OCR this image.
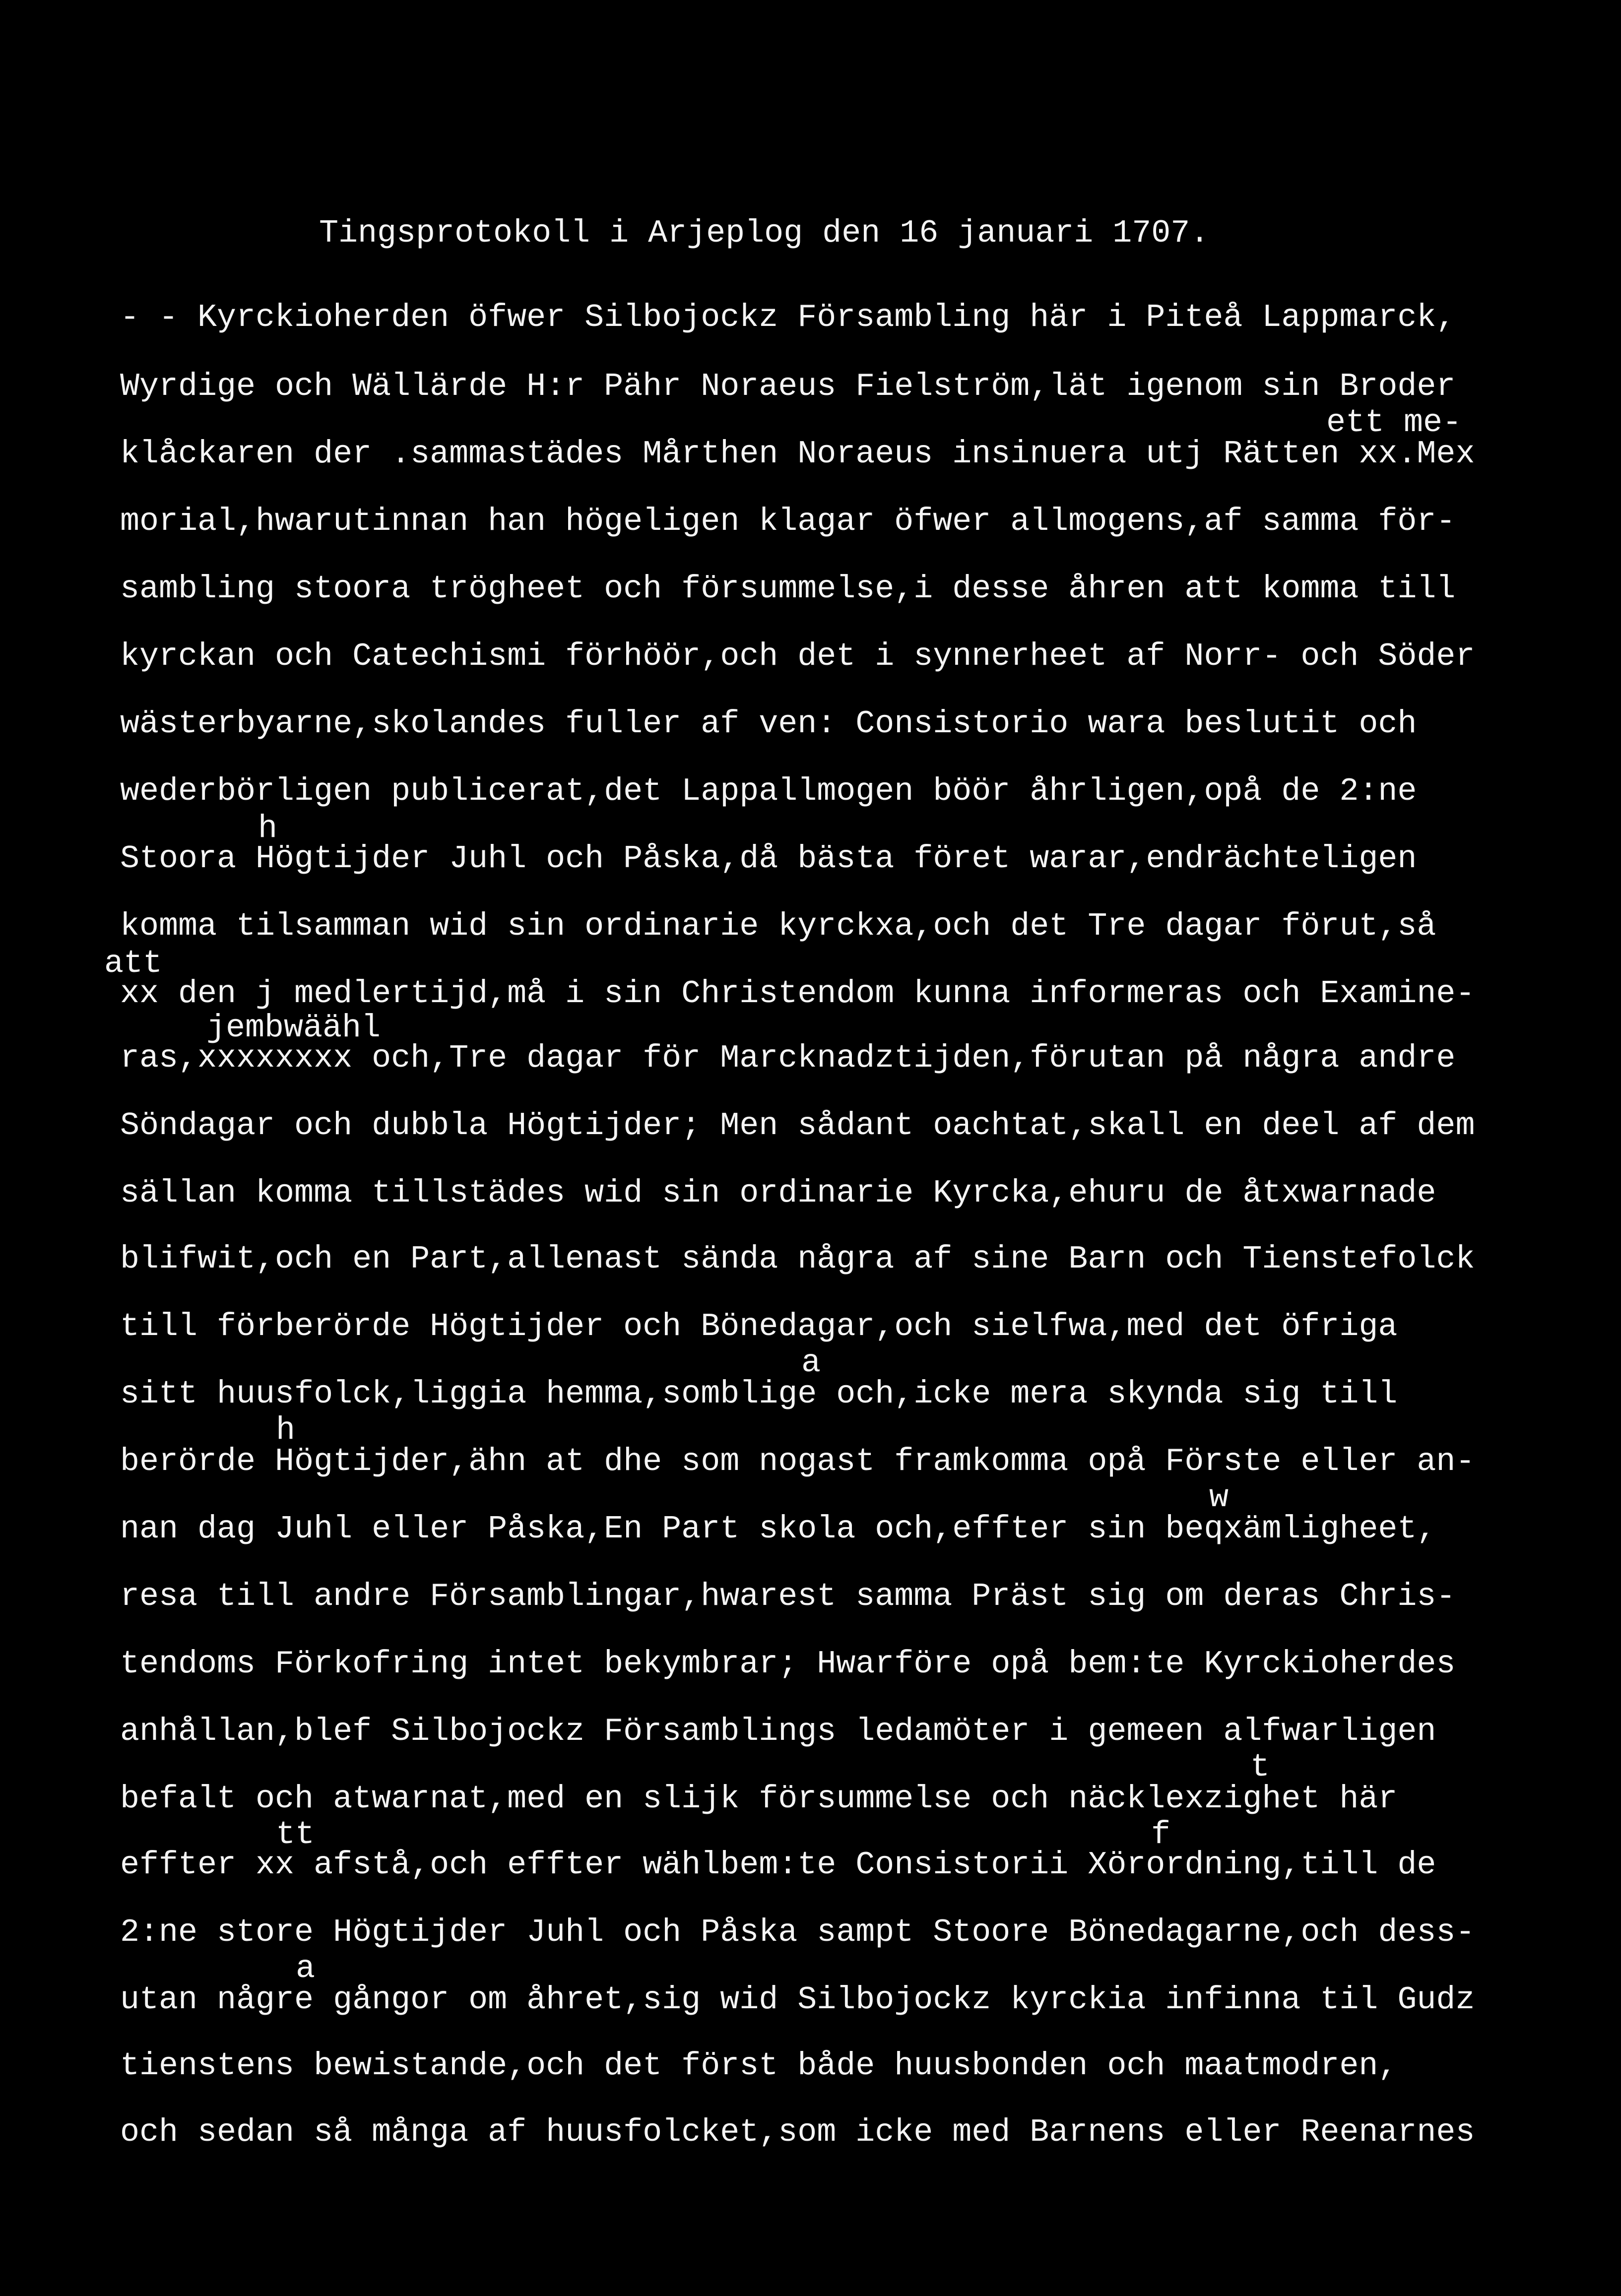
Tingsprotokoll i Arjeplog den 16 januari 1707.
- - Kyrckioherden öfwer Silbojockz Försambling här i Piteå Lappmarck,
Wyrdige och Wällärde H:r Pähr Noraeus Fielström,lät igenom sin Broder
ett me-
klåckaren der .sammastädes Mårthen Noraeus insinuera utj Rätten xx.Mex
morial,hwarutinnan han högeligen klagar öfwer allmogens,af samma för-
sambling stoora trögheet och försummelse,i desse åhren att komma till
kyrckan och Catechismi förhöör,och det i synnerheet af Norr- och Söder
wästerbyarne,skolandes fuller af ven: Consistorio wara beslutit och
wederbörligen publicerat,det Lappallmogen böör åhrligen,opå de 2:ne
h
Stoora Högtijder Juhl och Påska,då bästa föret warar,endrächteligen
komma tilsamman wid sin ordinarie kyrckxa,och det Tre dagar förut,så
att
xx den j medlertijd,må i sin Christendom kunna informeras och Examine-
jembwäähl
ras,xxxxxxxx och,Tre dagar för Marcknadztijden,förutan på några andre
Söndagar och dubbla Högtijder; Men sådant oachtat,skall en deel af dem
sällan komma tillstädes wid sin ordinarie Kyrcka,ehuru de åtxwarnade
blifwit,och en Part,allenast sända några af sine Barn och Tienstefolck
till förberörde Högtijder och Bönedagar,och sielfwa,med det öfriga
a
sitt huusfolck,liggia hemma,somblige och,icke mera skynda sig till
h
berörde Högtijder,ähn at dhe som nogast framkomma opå Förste eller an-
w
nan dag Juhl eller Påska,En Part skola och,effter sin beqxämligheet,
resa till andre Församblingar,hwarest samma Präst sig om deras Chris-
tendoms Förkofring intet bekymbrar; Hwarföre opå bem:te Kyrckioherdes
anhållan,blef Silbojockz Församblings ledamöter i gemeen alfwarligen
t
befalt och atwarnat,med en slijk försummelse och näcklexzighet här
tt	f
effter xx afstå,och effter wählbem:te Consistorii Xörordning,till de
2:ne store Högtijder Juhl och Påska sampt Stoore Bönedagarne,och dess-
a
utan någre gångor om åhret,sig wid Silbojockz kyrckia infinna til Gudz
tienstens bewistande,och det först både huusbonden och maatmodren,
och sedan så många af huusfolcket,som icke med Barnens eller Reenarnes
